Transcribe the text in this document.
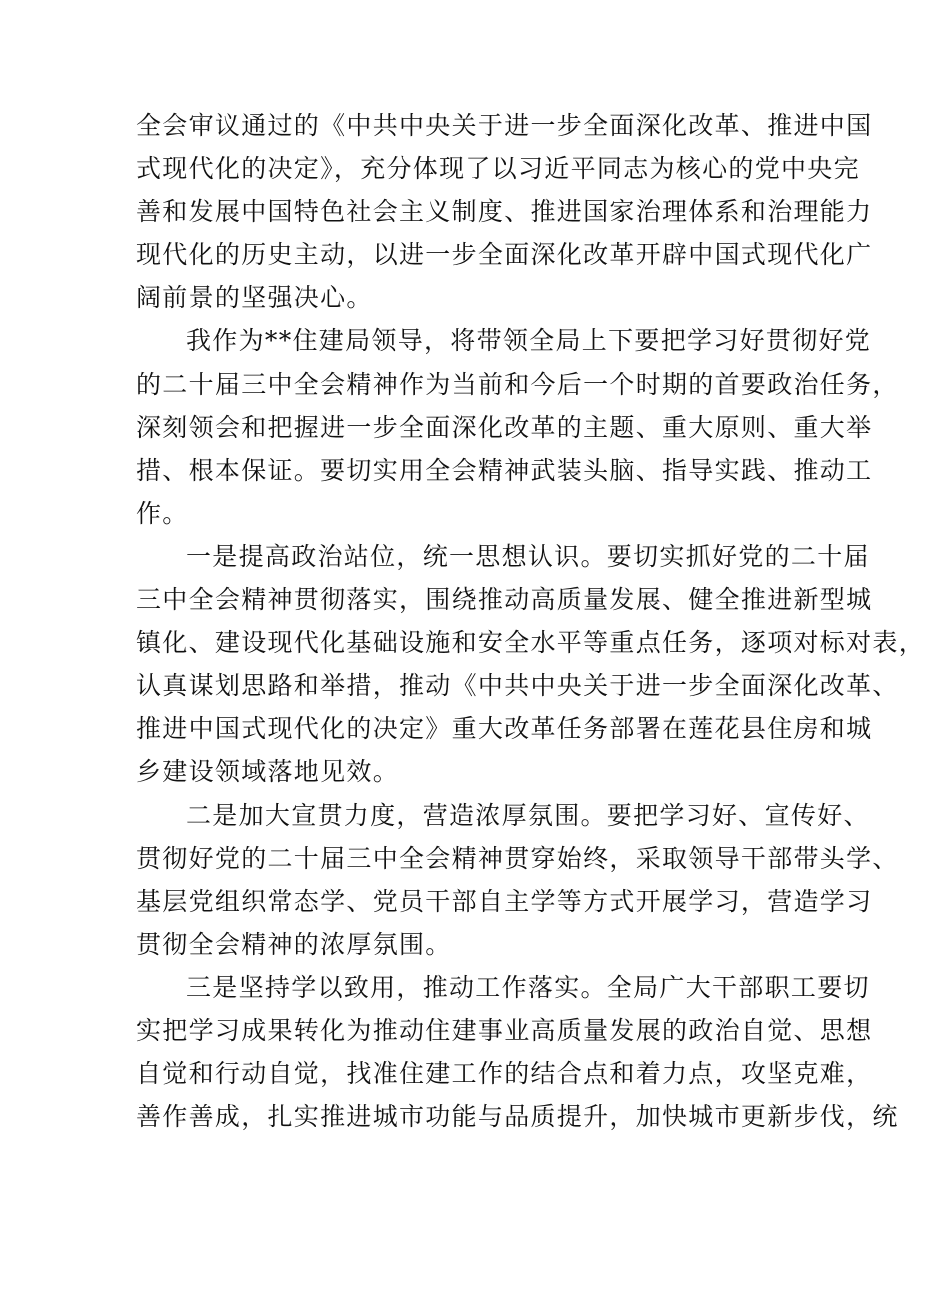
全会审议通过的《中共中央关于进一步全面深化改革、推进中国
式现代化的决定》，充分体现了以习近平同志为核心的党中央完
善和发展中国特色社会主义制度、推进国家治理体系和治理能力
现代化的历史主动，以进一步全面深化改革开辟中国式现代化广
阔前景的坚强决心。
我作为**住建局领导，将带领全局上下要把学习好贯彻好党
的二十届三中全会精神作为当前和今后一个时期的首要政治任务，
深刻领会和把握进一步全面深化改革的主题、重大原则、重大举
措、根本保证。要切实用全会精神武装头脑、指导实践、推动工
作。
一是提高政治站位，统一思想认识。要切实抓好党的二十届
三中全会精神贯彻落实，围绕推动高质量发展、健全推进新型城
镇化、建设现代化基础设施和安全水平等重点任务，逐项对标对表，
认真谋划思路和举措，推动《中共中央关于进一步全面深化改革、
推进中国式现代化的决定》重大改革任务部署在莲花县住房和城
乡建设领域落地见效。
二是加大宣贯力度，营造浓厚氛围。要把学习好、宣传好、
贯彻好党的二十届三中全会精神贯穿始终，采取领导干部带头学、
基层党组织常态学、党员干部自主学等方式开展学习，营造学习
贯彻全会精神的浓厚氛围。
三是坚持学以致用，推动工作落实。全局广大干部职工要切
实把学习成果转化为推动住建事业高质量发展的政治自觉、思想
自觉和行动自觉，找准住建工作的结合点和着力点，攻坚克难，
善作善成，扎实推进城市功能与品质提升，加快城市更新步伐，统
